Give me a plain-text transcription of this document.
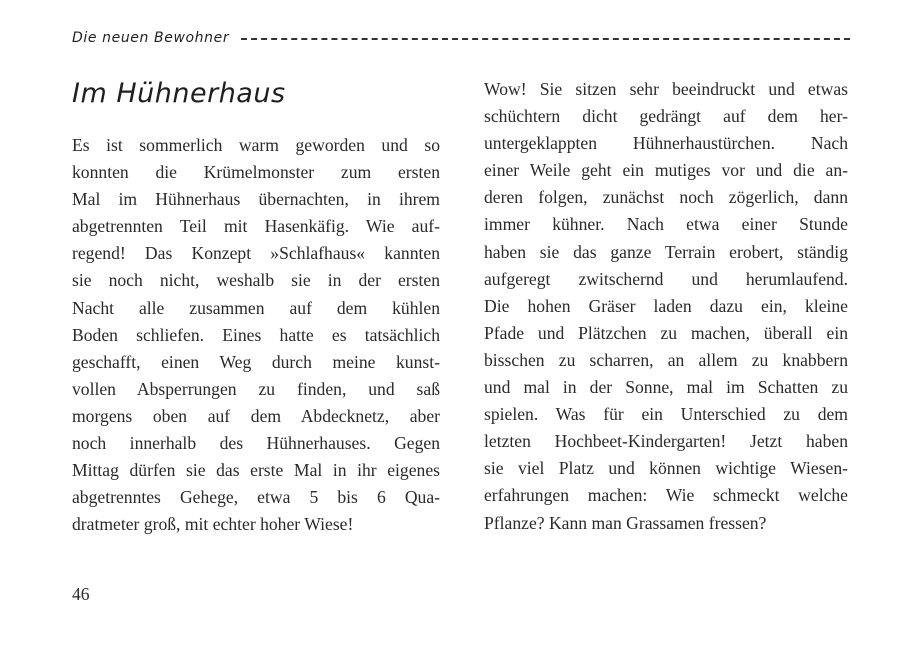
Die neuen Bewohner
Im Hühnerhaus
Es ist sommerlich warm geworden und so
konnten die Krümelmonster zum ersten
Mal im Hühnerhaus übernachten, in ihrem
abgetrennten Teil mit Hasenkäfig. Wie auf-
regend! Das Konzept »Schlafhaus« kannten
sie noch nicht, weshalb sie in der ersten
Nacht alle zusammen auf dem kühlen
Boden schliefen. Eines hatte es tatsächlich
geschafft, einen Weg durch meine kunst-
vollen Absperrungen zu finden, und saß
morgens oben auf dem Abdecknetz, aber
noch innerhalb des Hühnerhauses. Gegen
Mittag dürfen sie das erste Mal in ihr eigenes
abgetrenntes Gehege, etwa 5 bis 6 Qua-
dratmeter groß, mit echter hoher Wiese!
Wow! Sie sitzen sehr beeindruckt und etwas
schüchtern dicht gedrängt auf dem her-
untergeklappten Hühnerhaustürchen. Nach
einer Weile geht ein mutiges vor und die an-
deren folgen, zunächst noch zögerlich, dann
immer kühner. Nach etwa einer Stunde
haben sie das ganze Terrain erobert, ständig
aufgeregt zwitschernd und herumlaufend.
Die hohen Gräser laden dazu ein, kleine
Pfade und Plätzchen zu machen, überall ein
bisschen zu scharren, an allem zu knabbern
und mal in der Sonne, mal im Schatten zu
spielen. Was für ein Unterschied zu dem
letzten Hochbeet-Kindergarten! Jetzt haben
sie viel Platz und können wichtige Wiesen-
erfahrungen machen: Wie schmeckt welche
Pflanze? Kann man Grassamen fressen?
46
